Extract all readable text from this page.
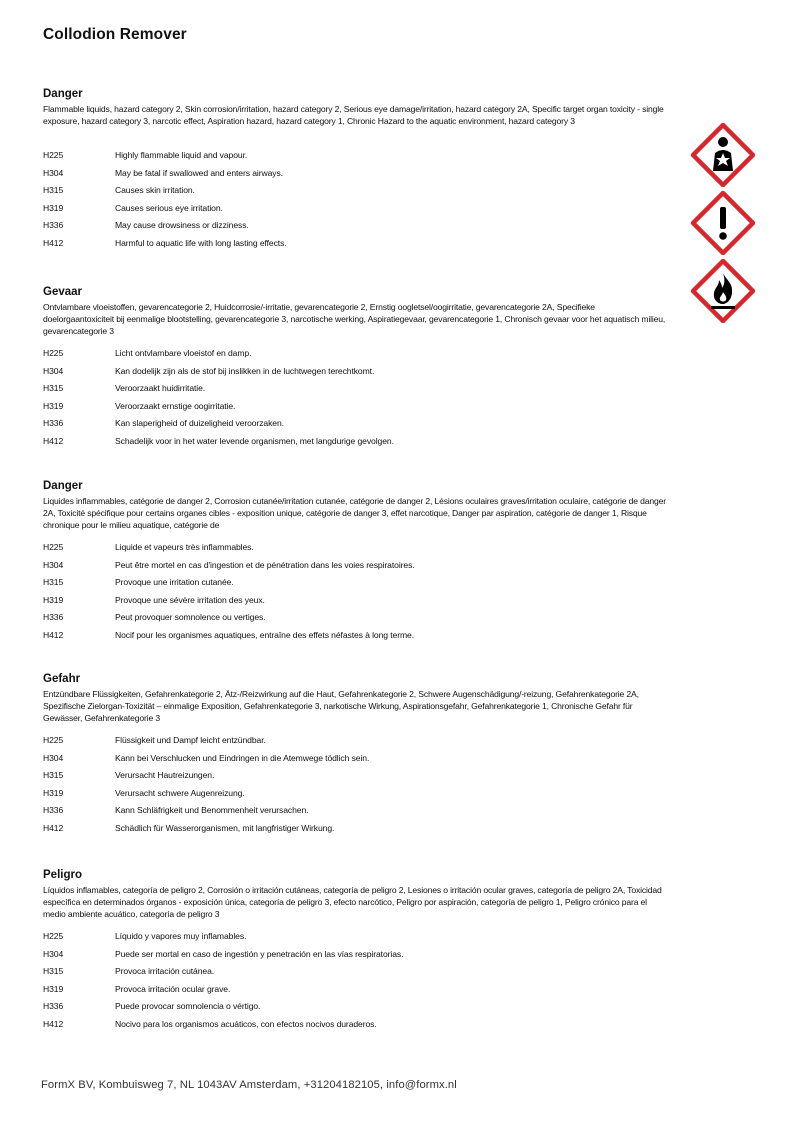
Collodion Remover
Danger
Flammable liquids, hazard category 2, Skin corrosion/irritation, hazard category 2, Serious eye damage/irritation, hazard category 2A, Specific target organ toxicity - single exposure, hazard category 3, narcotic effect, Aspiration hazard, hazard category 1, Chronic Hazard to the aquatic environment, hazard category 3
H225	Highly flammable liquid and vapour.
H304	May be fatal if swallowed and enters airways.
H315	Causes skin irritation.
H319	Causes serious eye irritation.
H336	May cause drowsiness or dizziness.
H412	Harmful to aquatic life with long lasting effects.
Gevaar
Ontvlambare vloeistoffen, gevarencategorie 2, Huidcorrosie/-irritatie, gevarencategorie 2, Ernstig oogletsel/oogirritatie, gevarencategorie 2A, Specifieke doelorgaantoxiciteit bij eenmalige blootstelling, gevarencategorie 3, narcotische werking, Aspiratiegevaar, gevarencategorie 1, Chronisch gevaar voor het aquatisch milieu, gevarencategorie 3
H225	Licht ontvlambare vloeistof en damp.
H304	Kan dodelijk zijn als de stof bij inslikken in de luchtwegen terechtkomt.
H315	Veroorzaakt huidirritatie.
H319	Veroorzaakt ernstige oogirritatie.
H336	Kan slaperigheid of duizeligheid veroorzaken.
H412	Schadelijk voor in het water levende organismen, met langdurige gevolgen.
Danger
Liquides inflammables, catégorie de danger 2, Corrosion cutanée/irritation cutanée, catégorie de danger 2, Lésions oculaires graves/irritation oculaire, catégorie de danger 2A, Toxicité spécifique pour certains organes cibles - exposition unique, catégorie de danger 3, effet narcotique, Danger par aspiration, catégorie de danger 1, Risque chronique pour le milieu aquatique, catégorie de
H225	Liquide et vapeurs très inflammables.
H304	Peut être mortel en cas d'ingestion et de pénétration dans les voies respiratoires.
H315	Provoque une irritation cutanée.
H319	Provoque une sévère irritation des yeux.
H336	Peut provoquer somnolence ou vertiges.
H412	Nocif pour les organismes aquatiques, entraîne des effets néfastes à long terme.
Gefahr
Entzündbare Flüssigkeiten, Gefahrenkategorie 2, Ätz-/Reizwirkung auf die Haut, Gefahrenkategorie 2, Schwere Augenschädigung/-reizung, Gefahrenkategorie 2A, Spezifische Zielorgan-Toxizität – einmalige Exposition, Gefahrenkategorie 3, narkotische Wirkung, Aspirationsgefahr, Gefahrenkategorie 1, Chronische Gefahr für Gewässer, Gefahrenkategorie 3
H225	Flüssigkeit und Dampf leicht entzündbar.
H304	Kann bei Verschlucken und Eindringen in die Atemwege tödlich sein.
H315	Verursacht Hautreizungen.
H319	Verursacht schwere Augenreizung.
H336	Kann Schläfrigkeit und Benommenheit verursachen.
H412	Schädlich für Wasserorganismen, mit langfristiger Wirkung.
Peligro
Líquidos inflamables, categoría de peligro 2, Corrosión o irritación cutáneas, categoría de peligro 2, Lesiones o irritación ocular graves, categoría de peligro 2A, Toxicidad específica en determinados órganos - exposición única, categoría de peligro 3, efecto narcótico, Peligro por aspiración, categoría de peligro 1, Peligro crónico para el medio ambiente acuático, categoría de peligro 3
H225	Líquido y vapores muy inflamables.
H304	Puede ser mortal en caso de ingestión y penetración en las vías respiratorias.
H315	Provoca irritación cutánea.
H319	Provoca irritación ocular grave.
H336	Puede provocar somnolencia o vértigo.
H412	Nocivo para los organismos acuáticos, con efectos nocivos duraderos.
FormX BV, Kombuisweg 7, NL 1043AV Amsterdam, +31204182105, info@formx.nl
